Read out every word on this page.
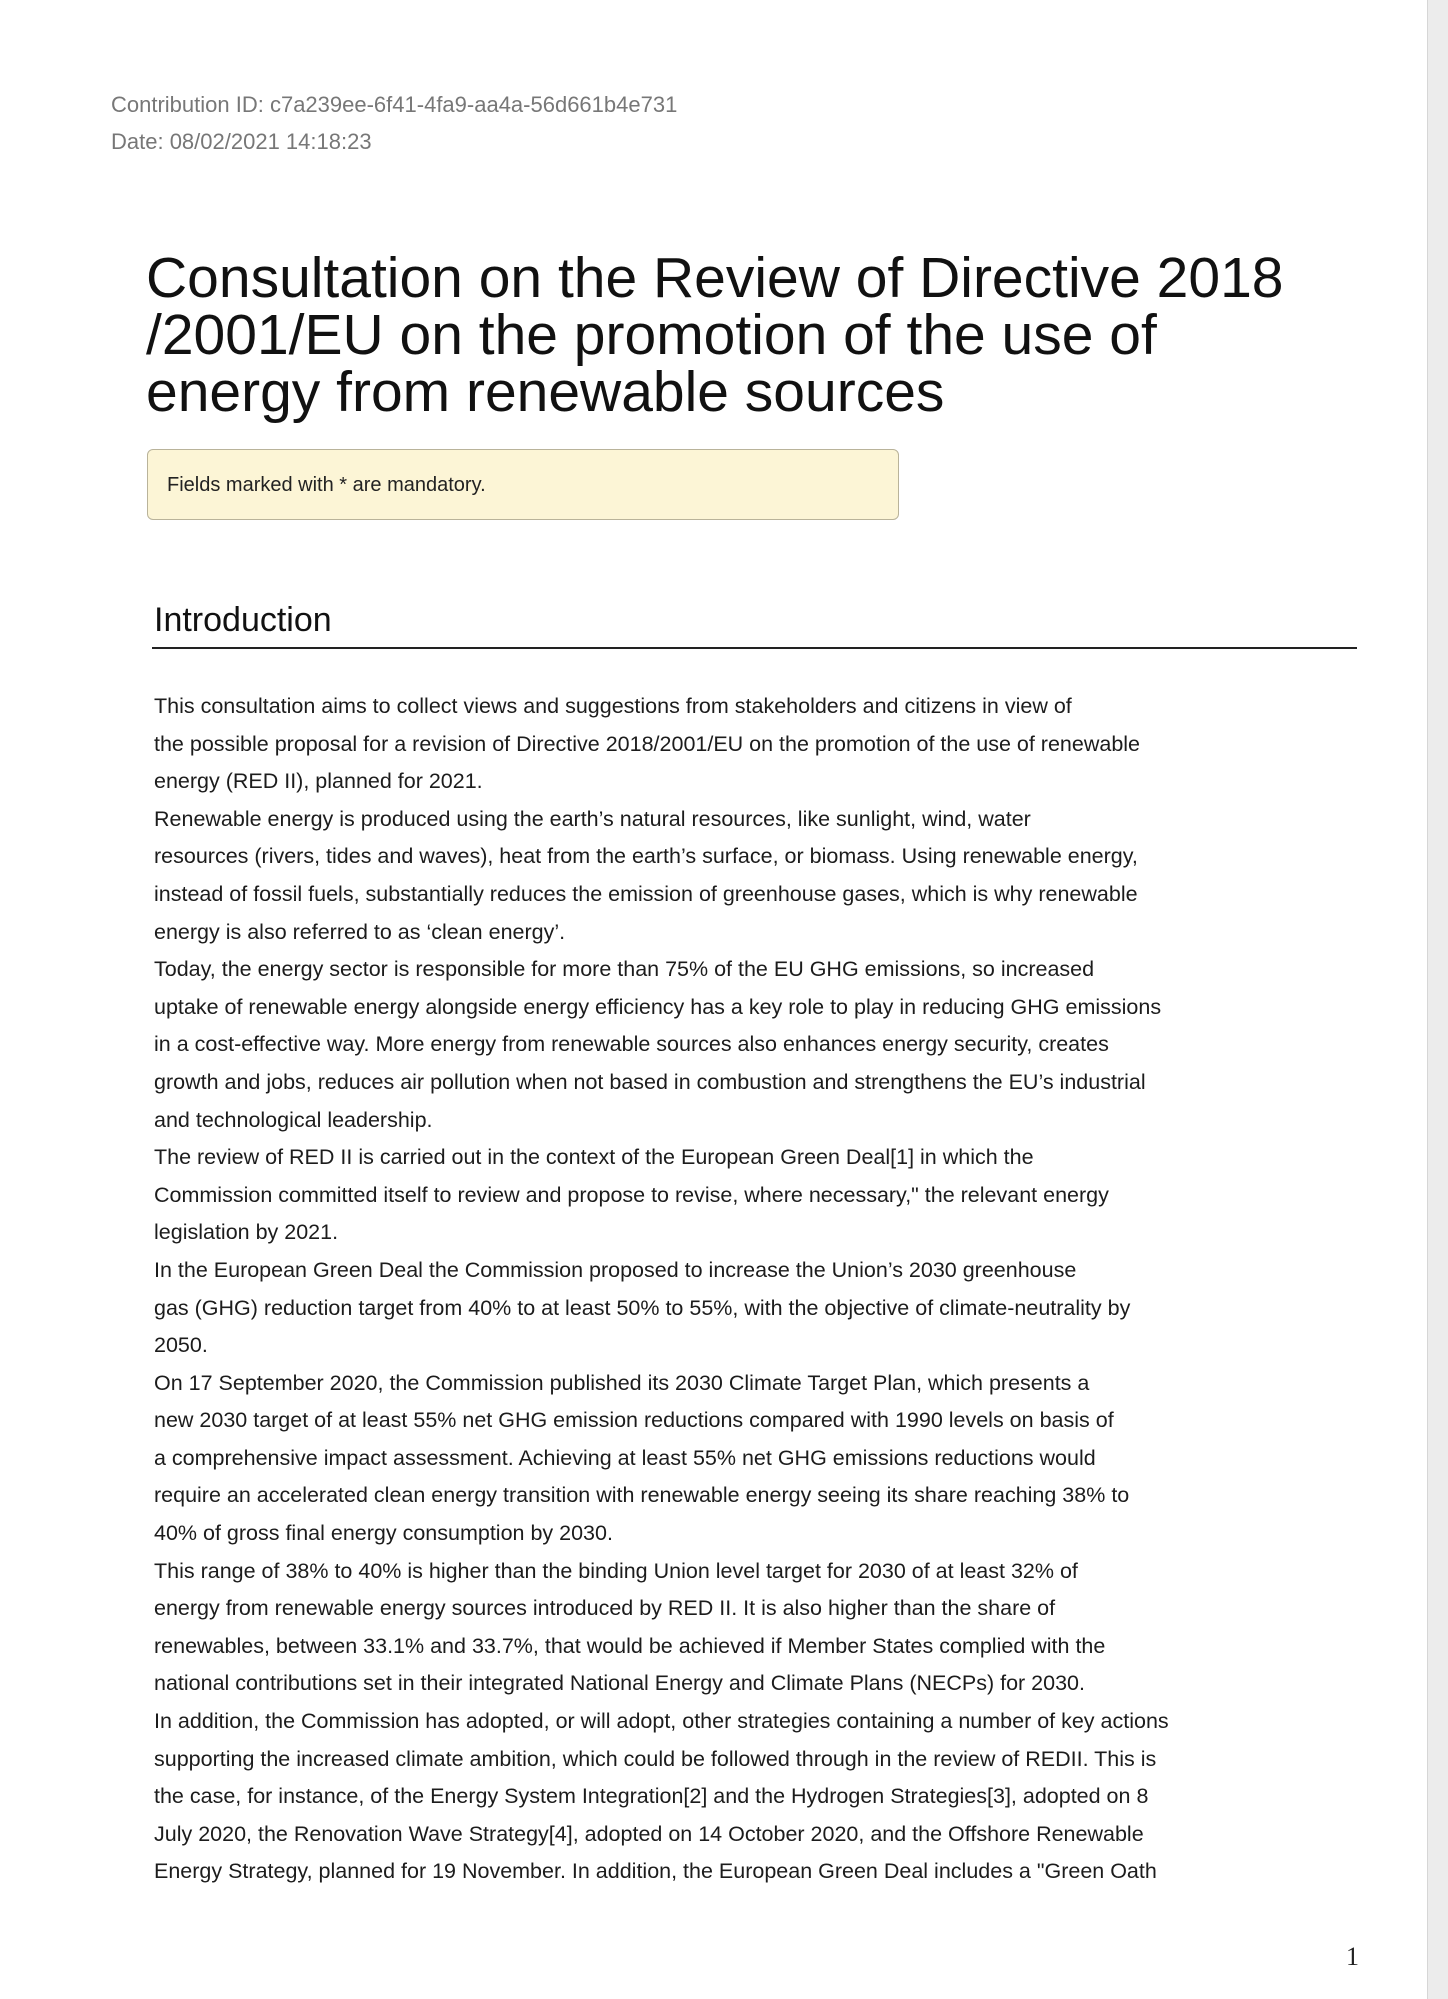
Contribution ID: c7a239ee-6f41-4fa9-aa4a-56d661b4e731
Date: 08/02/2021 14:18:23
Consultation on the Review of Directive 2018
/2001/EU on the promotion of the use of
energy from renewable sources
Fields marked with * are mandatory.
Introduction

This consultation aims to collect views and suggestions from stakeholders and citizens in view of
the possible proposal for a revision of Directive 2018/2001/EU on the promotion of the use of renewable
energy (RED II), planned for 2021.

Renewable energy is produced using the earth’s natural resources, like sunlight, wind, water
resources (rivers, tides and waves), heat from the earth’s surface, or biomass. Using renewable energy,
instead of fossil fuels, substantially reduces the emission of greenhouse gases, which is why renewable
energy is also referred to as ‘clean energy’.

Today, the energy sector is responsible for more than 75% of the EU GHG emissions, so increased
uptake of renewable energy alongside energy efficiency has a key role to play in reducing GHG emissions
in a cost-effective way. More energy from renewable sources also enhances energy security, creates
growth and jobs, reduces air pollution when not based in combustion and strengthens the EU’s industrial
and technological leadership.

The review of RED II is carried out in the context of the European Green Deal[1] in which the
Commission committed itself to review and propose to revise, where necessary," the relevant energy
legislation by 2021.

In the European Green Deal the Commission proposed to increase the Union’s 2030 greenhouse
gas (GHG) reduction target from 40% to at least 50% to 55%, with the objective of climate-neutrality by
2050.

On 17 September 2020, the Commission published its 2030 Climate Target Plan, which presents a
new 2030 target of at least 55% net GHG emission reductions compared with 1990 levels on basis of
a comprehensive impact assessment. Achieving at least 55% net GHG emissions reductions would
require an accelerated clean energy transition with renewable energy seeing its share reaching 38% to
40% of gross final energy consumption by 2030.

This range of 38% to 40% is higher than the binding Union level target for 2030 of at least 32% of
energy from renewable energy sources introduced by RED II. It is also higher than the share of
renewables, between 33.1% and 33.7%, that would be achieved if Member States complied with the
national contributions set in their integrated National Energy and Climate Plans (NECPs) for 2030.

In addition, the Commission has adopted, or will adopt, other strategies containing a number of key actions
supporting the increased climate ambition, which could be followed through in the review of REDII. This is
the case, for instance, of the Energy System Integration[2] and the Hydrogen Strategies[3], adopted on 8
July 2020, the Renovation Wave Strategy[4], adopted on 14 October 2020, and the Offshore Renewable
Energy Strategy, planned for 19 November. In addition, the European Green Deal includes a "Green Oath

1
